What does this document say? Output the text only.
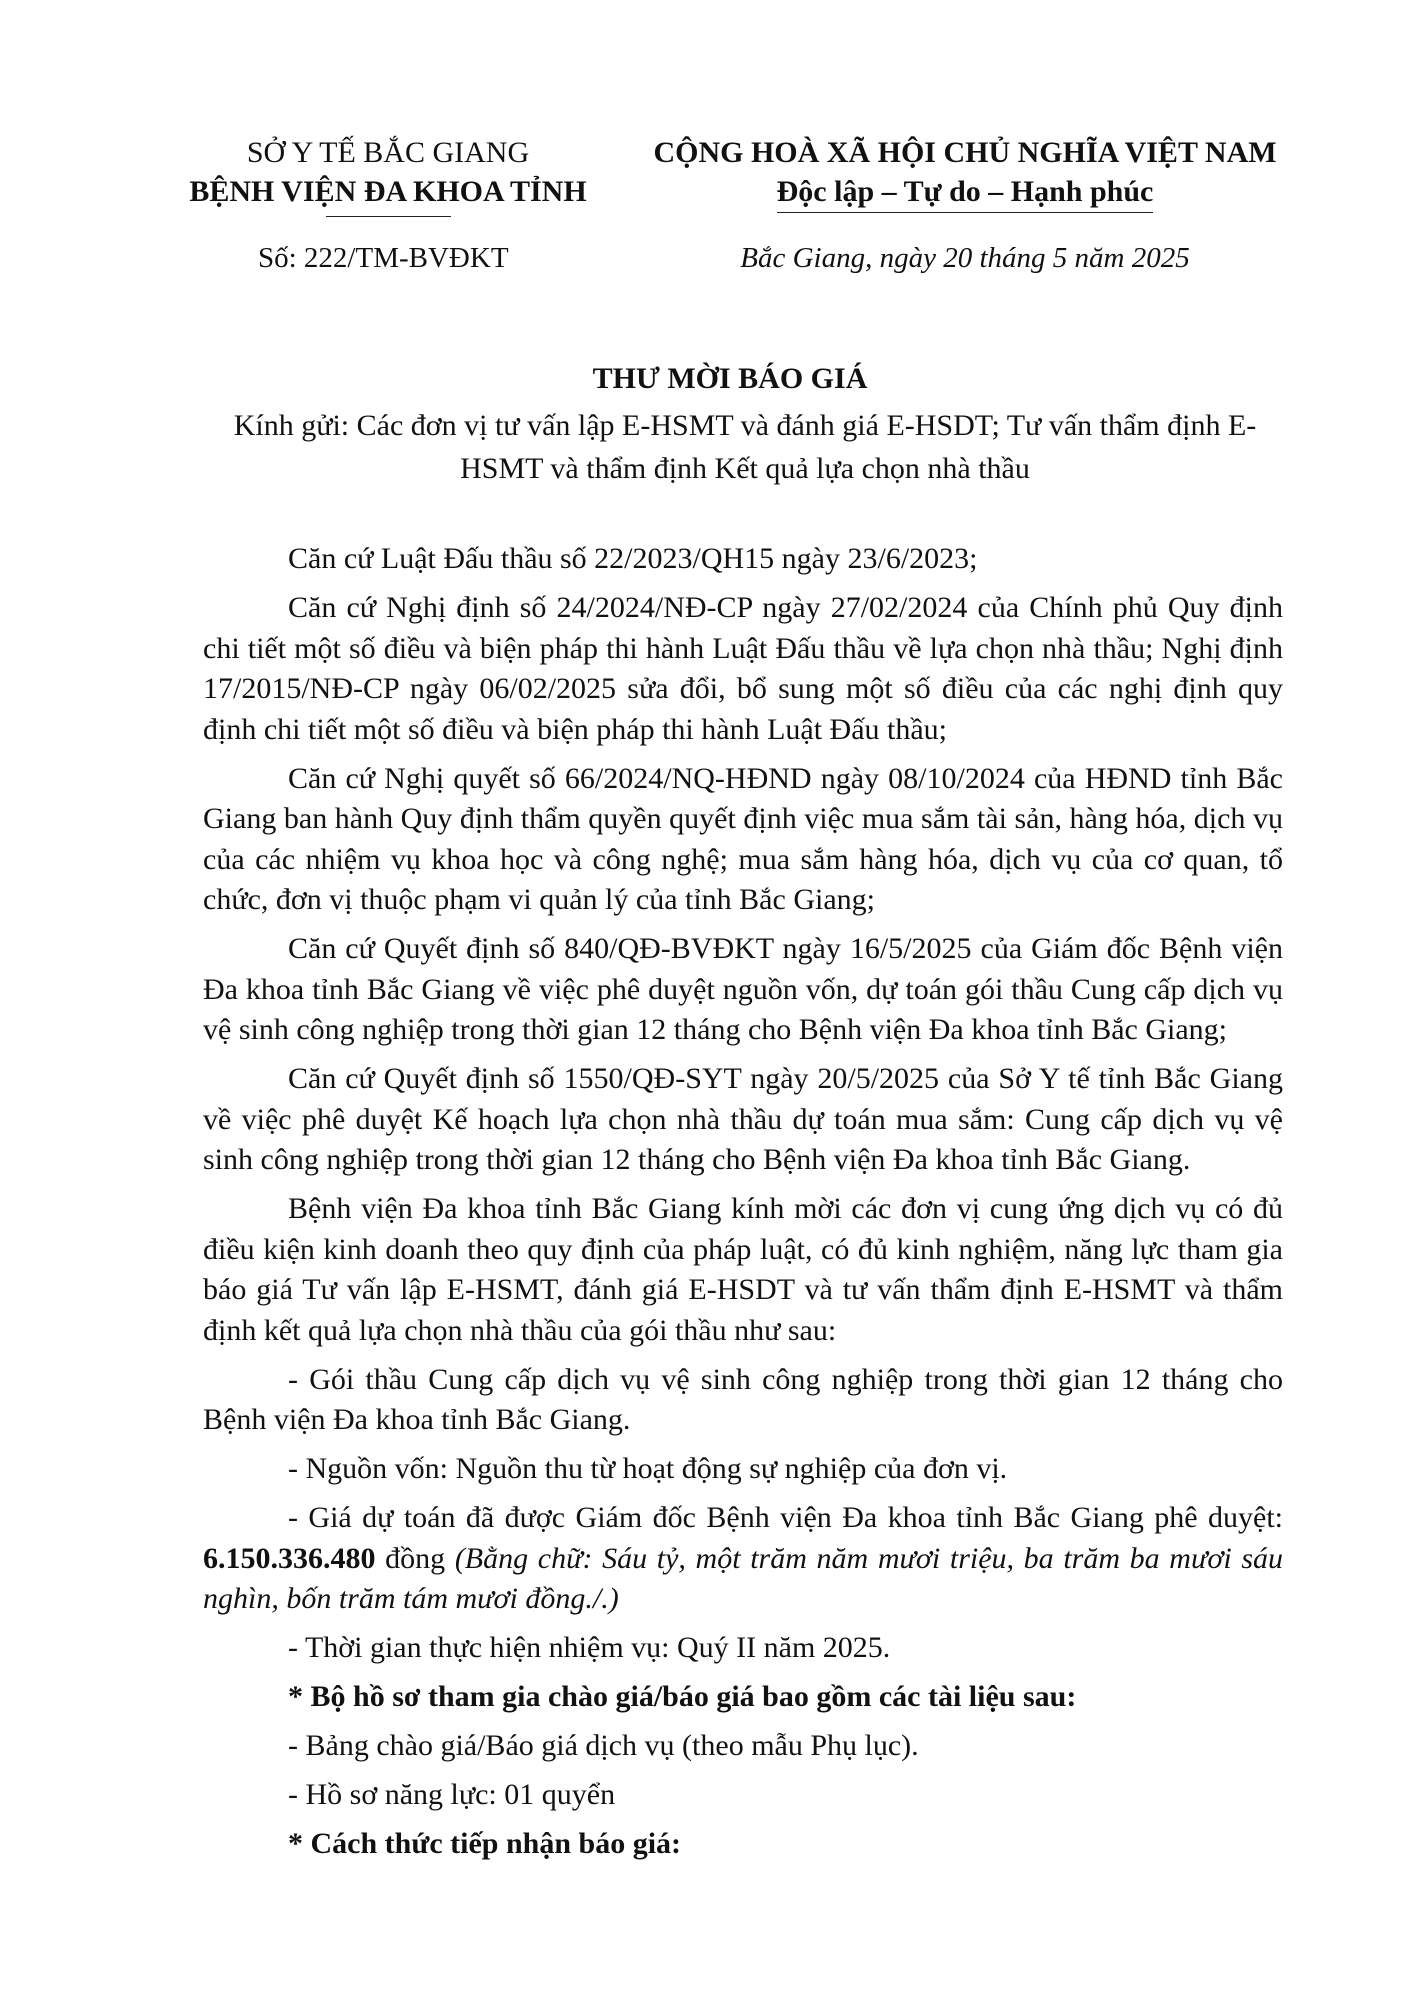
SỞ Y TẾ BẮC GIANG
BỆNH VIỆN ĐA KHOA TỈNH
CỘNG HOÀ XÃ HỘI CHỦ NGHĨA VIỆT NAM
Độc lập – Tự do – Hạnh phúc
Số: 222/TM-BVĐKT	Bắc Giang, ngày 20 tháng 5 năm 2025
THƯ MỜI BÁO GIÁ
Kính gửi: Các đơn vị tư vấn lập E-HSMT và đánh giá E-HSDT; Tư vấn thẩm định E-HSMT và thẩm định Kết quả lựa chọn nhà thầu

Căn cứ Luật Đấu thầu số 22/2023/QH15 ngày 23/6/2023;

Căn cứ Nghị định số 24/2024/NĐ-CP ngày 27/02/2024 của Chính phủ Quy định chi tiết một số điều và biện pháp thi hành Luật Đấu thầu về lựa chọn nhà thầu; Nghị định 17/2015/NĐ-CP ngày 06/02/2025 sửa đổi, bổ sung một số điều của các nghị định quy định chi tiết một số điều và biện pháp thi hành Luật Đấu thầu;

Căn cứ Nghị quyết số 66/2024/NQ-HĐND ngày 08/10/2024 của HĐND tỉnh Bắc Giang ban hành Quy định thẩm quyền quyết định việc mua sắm tài sản, hàng hóa, dịch vụ của các nhiệm vụ khoa học và công nghệ; mua sắm hàng hóa, dịch vụ của cơ quan, tổ chức, đơn vị thuộc phạm vi quản lý của tỉnh Bắc Giang;

Căn cứ Quyết định số 840/QĐ-BVĐKT ngày 16/5/2025 của Giám đốc Bệnh viện Đa khoa tỉnh Bắc Giang về việc phê duyệt nguồn vốn, dự toán gói thầu Cung cấp dịch vụ vệ sinh công nghiệp trong thời gian 12 tháng cho Bệnh viện Đa khoa tỉnh Bắc Giang;

Căn cứ Quyết định số 1550/QĐ-SYT ngày 20/5/2025 của Sở Y tế tỉnh Bắc Giang về việc phê duyệt Kế hoạch lựa chọn nhà thầu dự toán mua sắm: Cung cấp dịch vụ vệ sinh công nghiệp trong thời gian 12 tháng cho Bệnh viện Đa khoa tỉnh Bắc Giang.

Bệnh viện Đa khoa tỉnh Bắc Giang kính mời các đơn vị cung ứng dịch vụ có đủ điều kiện kinh doanh theo quy định của pháp luật, có đủ kinh nghiệm, năng lực tham gia báo giá Tư vấn lập E-HSMT, đánh giá E-HSDT và tư vấn thẩm định E-HSMT và thẩm định kết quả lựa chọn nhà thầu của gói thầu như sau:

- Gói thầu Cung cấp dịch vụ vệ sinh công nghiệp trong thời gian 12 tháng cho Bệnh viện Đa khoa tỉnh Bắc Giang.

- Nguồn vốn: Nguồn thu từ hoạt động sự nghiệp của đơn vị.

- Giá dự toán đã được Giám đốc Bệnh viện Đa khoa tỉnh Bắc Giang phê duyệt: 6.150.336.480 đồng (Bằng chữ: Sáu tỷ, một trăm năm mươi triệu, ba trăm ba mươi sáu nghìn, bốn trăm tám mươi đồng./.)

- Thời gian thực hiện nhiệm vụ: Quý II năm 2025.

* Bộ hồ sơ tham gia chào giá/báo giá bao gồm các tài liệu sau:

- Bảng chào giá/Báo giá dịch vụ (theo mẫu Phụ lục).

- Hồ sơ năng lực: 01 quyển

* Cách thức tiếp nhận báo giá:
